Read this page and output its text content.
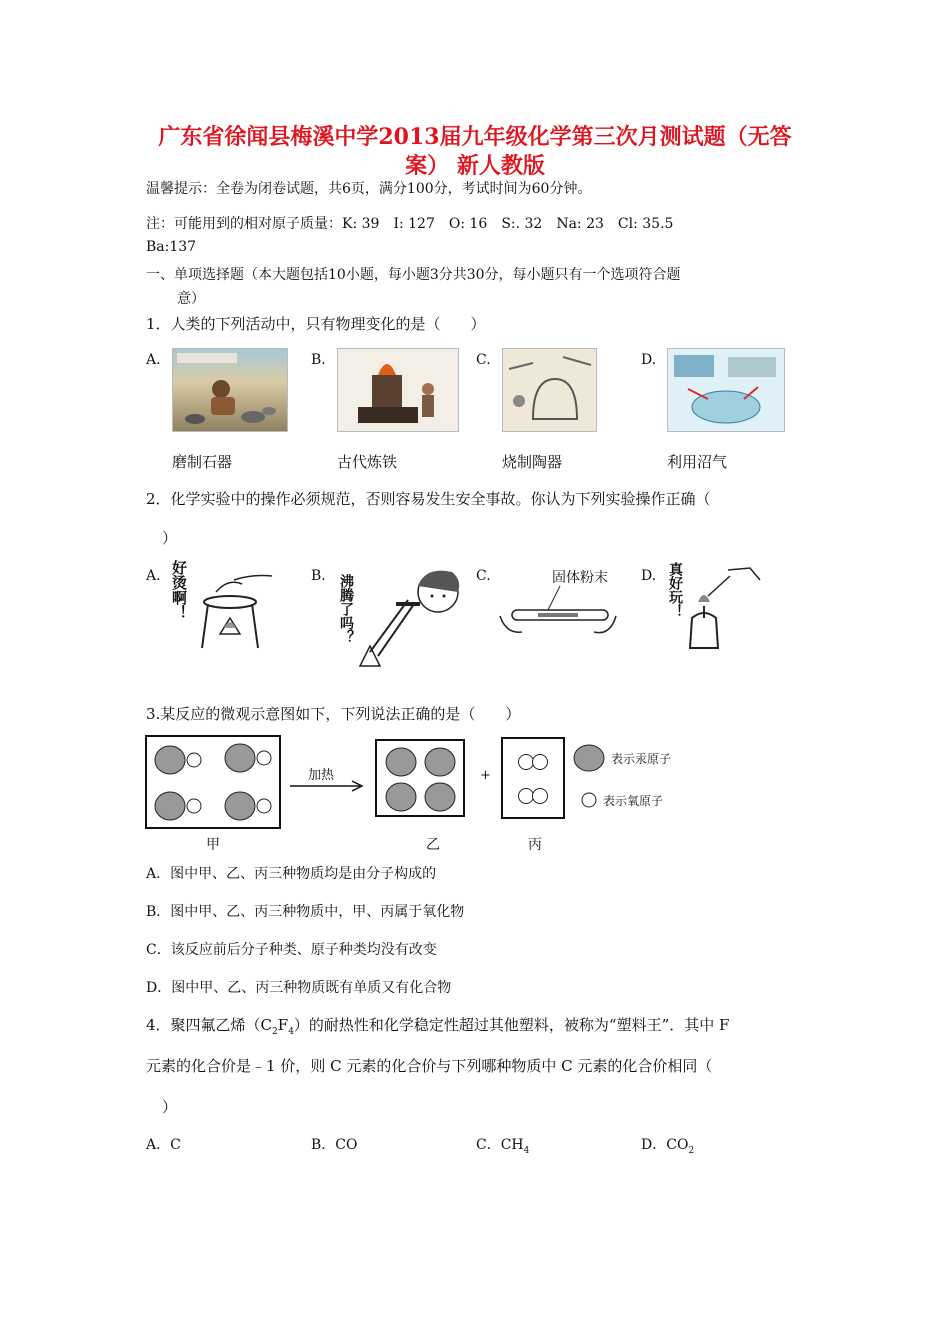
广东省徐闻县梅溪中学2013届九年级化学第三次月测试题（无答
案） 新人教版
温馨提示：全卷为闭卷试题，共6页，满分100分，考试时间为60分钟。
注：可能用到的相对原子质量：K: 39　I: 127　O: 16　S:. 32　Na: 23　Cl: 35.5
Ba:137
一、单项选择题（本大题包括10小题，每小题3分共30分，每小题只有一个选项符合题
意）
1．人类的下列活动中，只有物理变化的是（　　）
A.
磨制石器
B.
古代炼铁
C.
烧制陶器
D.
利用沼气
2．化学实验中的操作必须规范，否则容易发生安全事故。你认为下列实验操作正确（
）
A. 好烫啊！	B. 沸腾了吗？	C.	固体粉末 D. 真好玩！
3.某反应的微观示意图如下，下列说法正确的是（　　）
加热	+
表示汞原子
表示氧原子
甲	乙	丙
A．图中甲、乙、丙三种物质均是由分子构成的
B．图中甲、乙、丙三种物质中，甲、丙属于氧化物
C．该反应前后分子种类、原子种类均没有改变
D．图中甲、乙、丙三种物质既有单质又有化合物
4．聚四氟乙烯$(C_2F_4)$的耐热性和化学稳定性超过其他塑料，被称为“塑料王”．其中 F
元素的化合价是﹣1 价，则 C 元素的化合价与下列哪种物质中 C 元素的化合价相同（
）
A．C	B．CO	C．$CH_4$	D．$CO_2$
